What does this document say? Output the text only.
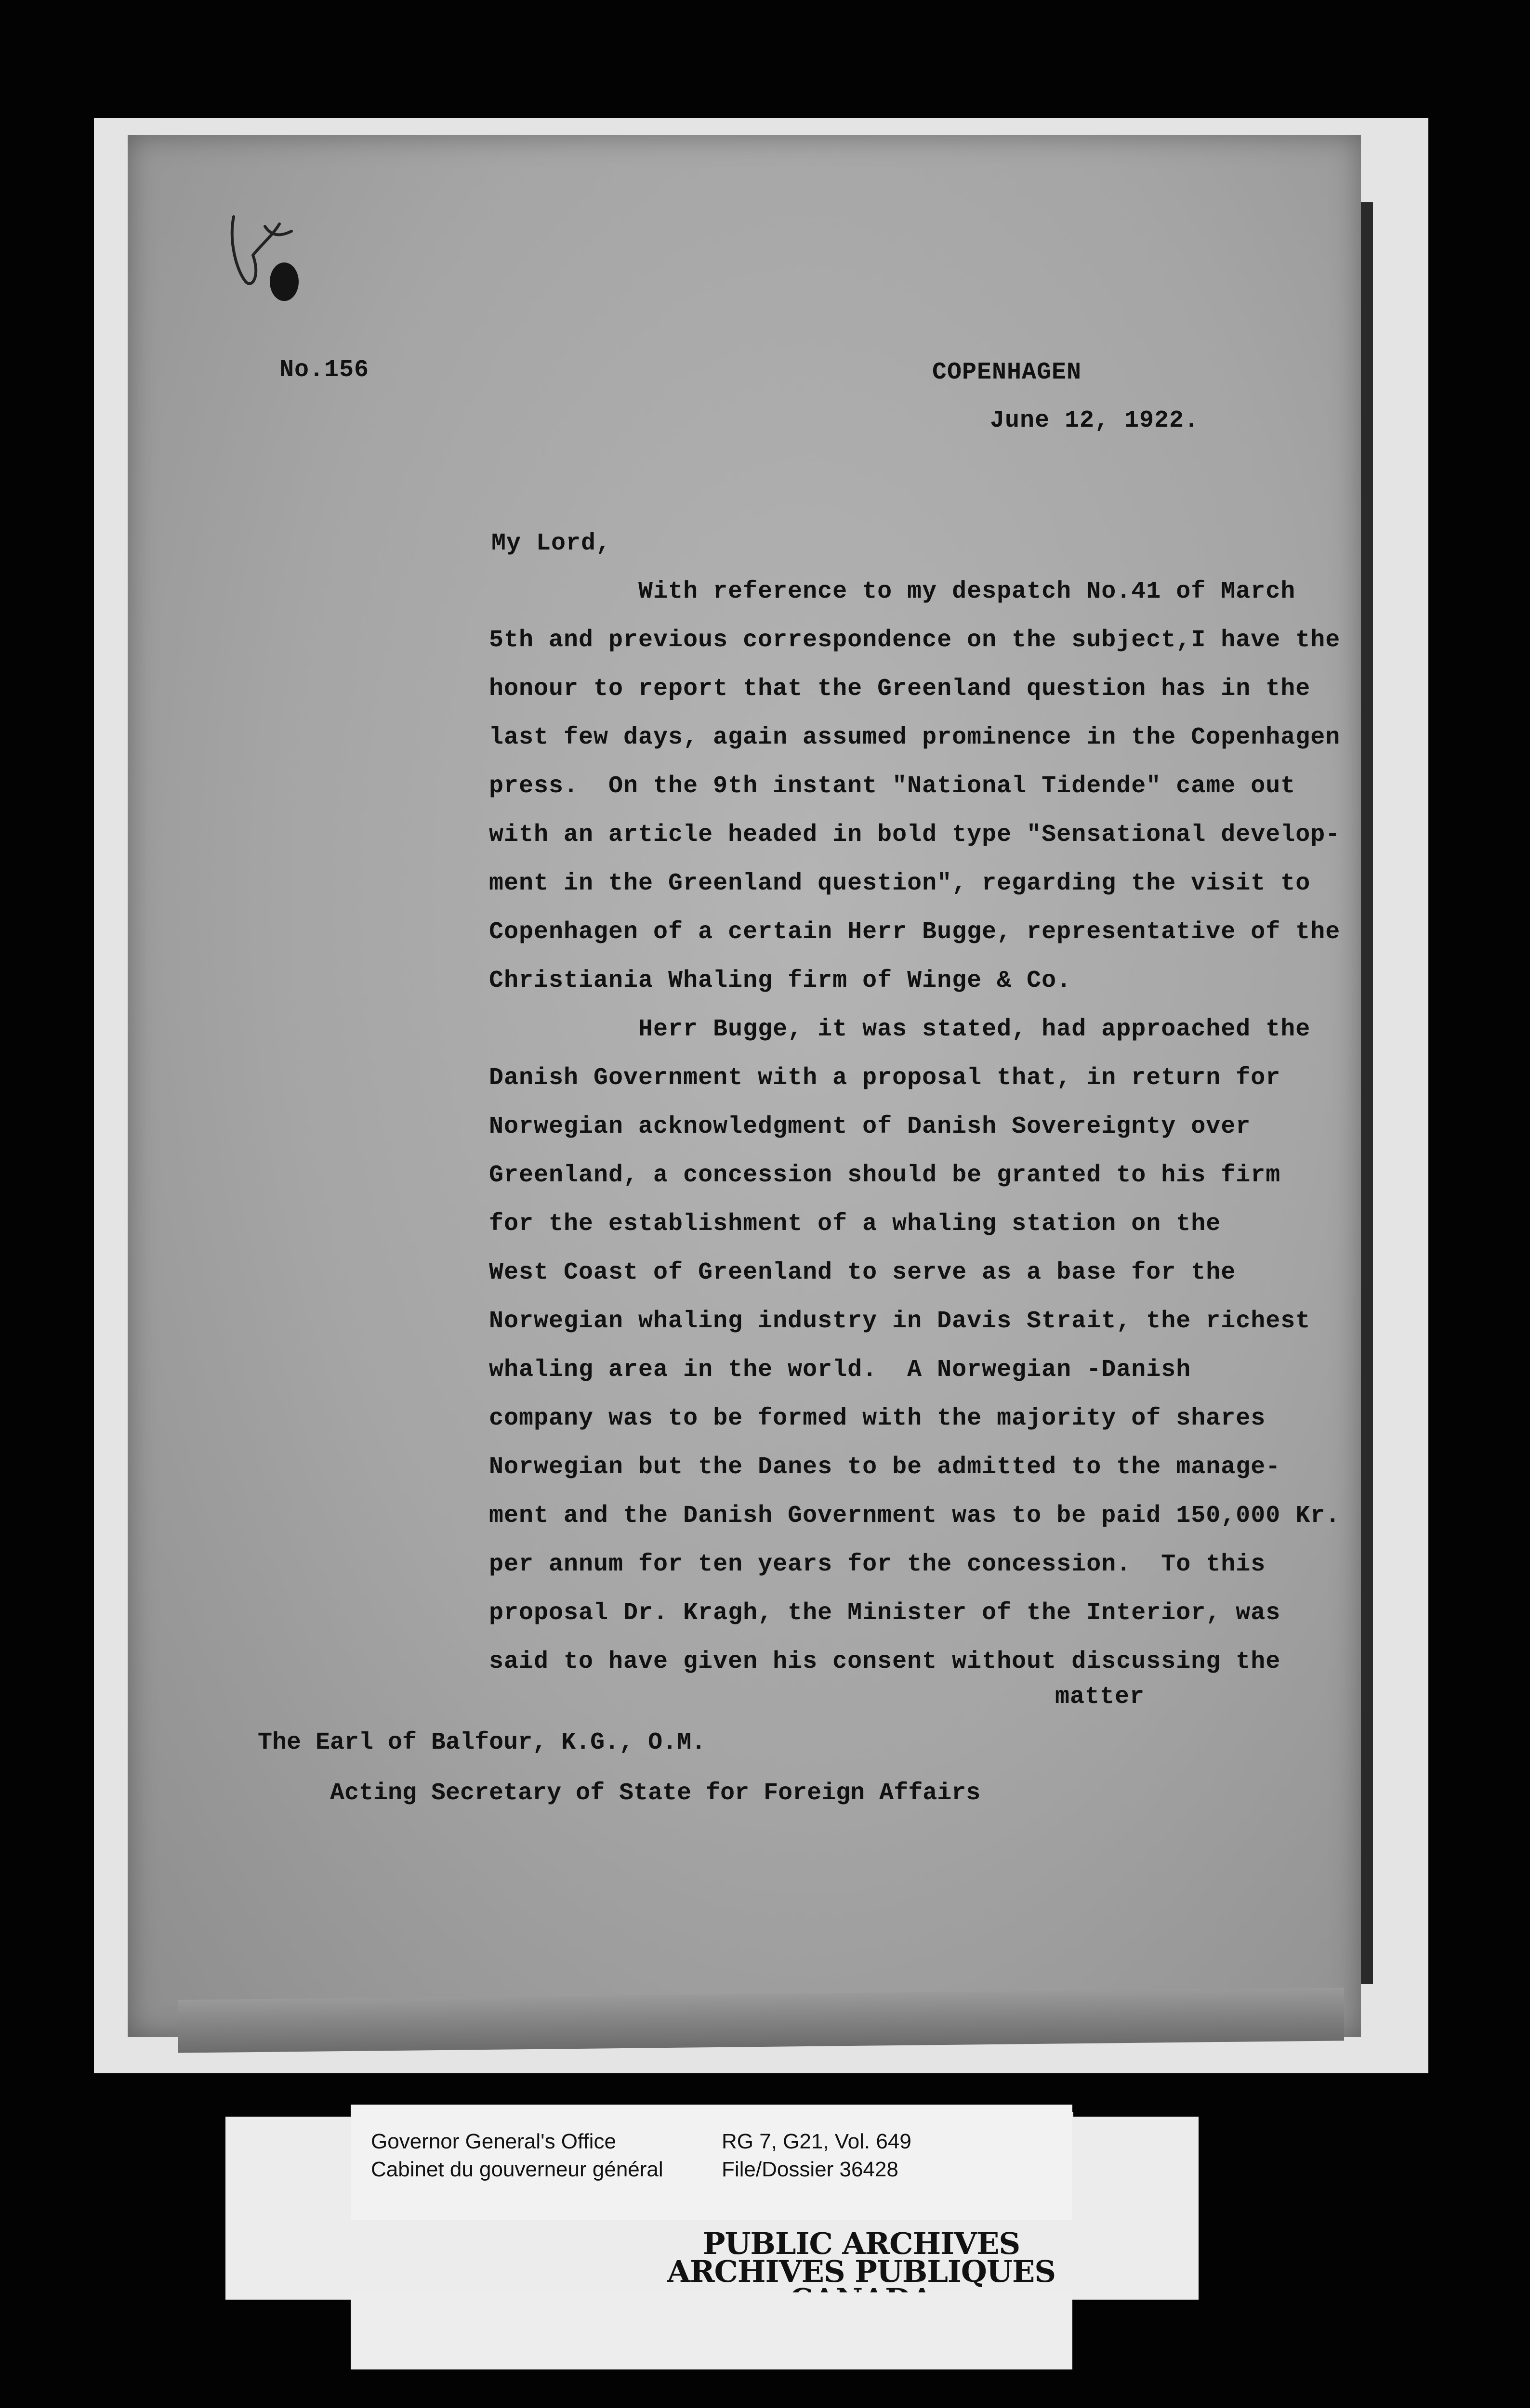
No.156	COPENHAGEN
June 12, 1922.
My Lord,
With reference to my despatch No.41 of March
5th and previous correspondence on the subject,I have the
honour to report that the Greenland question has in the
last few days, again assumed prominence in the Copenhagen
press.  On the 9th instant "National Tidende" came out
with an article headed in bold type "Sensational develop-
ment in the Greenland question", regarding the visit to
Copenhagen of a certain Herr Bugge, representative of the
Christiania Whaling firm of Winge & Co.
Herr Bugge, it was stated, had approached the
Danish Government with a proposal that, in return for
Norwegian acknowledgment of Danish Sovereignty over
Greenland, a concession should be granted to his firm
for the establishment of a whaling station on the
West Coast of Greenland to serve as a base for the
Norwegian whaling industry in Davis Strait, the richest
whaling area in the world.  A Norwegian -Danish
company was to be formed with the majority of shares
Norwegian but the Danes to be admitted to the manage-
ment and the Danish Government was to be paid 150,000 Kr.
per annum for ten years for the concession.  To this
proposal Dr. Kragh, the Minister of the Interior, was
said to have given his consent without discussing the
matter
The Earl of Balfour, K.G., O.M.
Acting Secretary of State for Foreign Affairs
PUBLIC ARCHIVES
ARCHIVES PUBLIQUES
Governor General's Office
Cabinet du gouverneur général
RG 7, G21, Vol. 649
File/Dossier 36428
